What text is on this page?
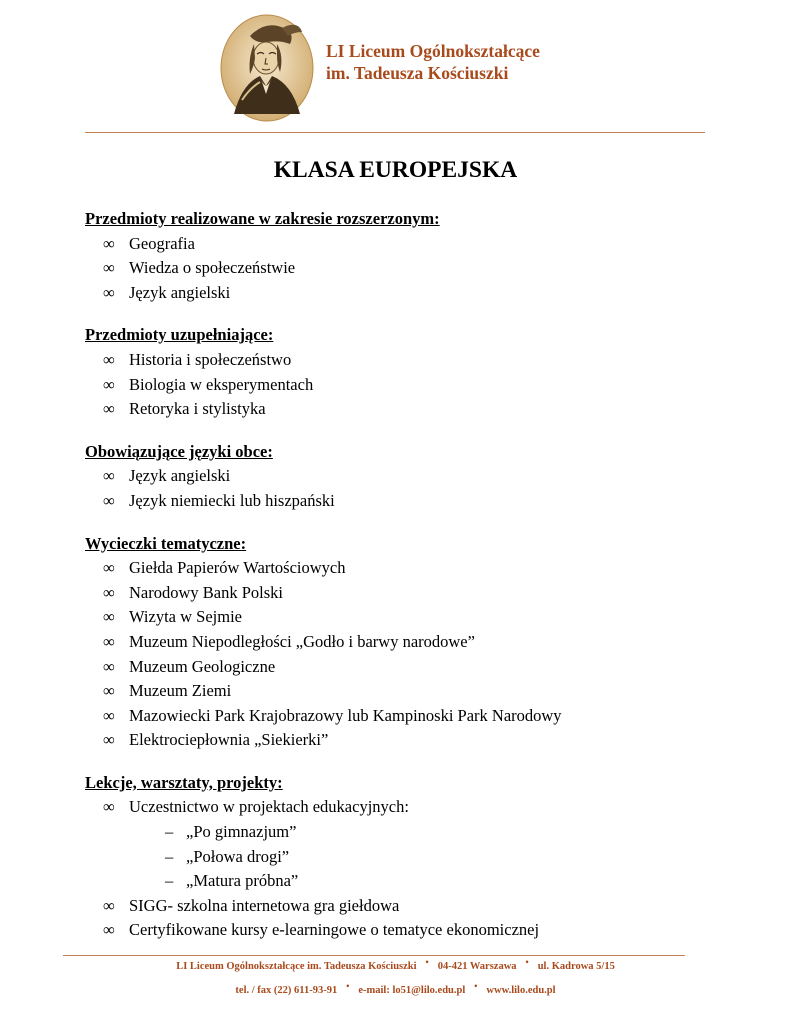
LI Liceum Ogólnokształcące
im. Tadeusza Kościuszki
KLASA EUROPEJSKA

Przedmioty realizowane w zakresie rozszerzonym:

∞ Geografia
∞ Wiedza o społeczeństwie
∞ Język angielski

Przedmioty uzupełniające:

∞ Historia i społeczeństwo
∞ Biologia w eksperymentach
∞ Retoryka i stylistyka

Obowiązujące języki obce:

∞ Język angielski
∞ Język niemiecki lub hiszpański

Wycieczki tematyczne:

∞ Giełda Papierów Wartościowych
∞ Narodowy Bank Polski
∞ Wizyta w Sejmie
∞ Muzeum Niepodległości „Godło i barwy narodowe”
∞ Muzeum Geologiczne
∞ Muzeum Ziemi
∞ Mazowiecki Park Krajobrazowy lub Kampinoski Park Narodowy
∞ Elektrociepłownia „Siekierki”

Lekcje, warsztaty, projekty:

∞ Uczestnictwo w projektach edukacyjnych:
– „Po gimnazjum”
– „Połowa drogi”
– „Matura próbna”
∞ SIGG- szkolna internetowa gra giełdowa
∞ Certyfikowane kursy e-learningowe o tematyce ekonomicznej
LI Liceum Ogólnokształcące im. Tadeusza Kościuszki • 04-421 Warszawa • ul. Kadrowa 5/15
tel. / fax (22) 611-93-91 • e-mail: lo51@lilo.edu.pl • www.lilo.edu.pl
